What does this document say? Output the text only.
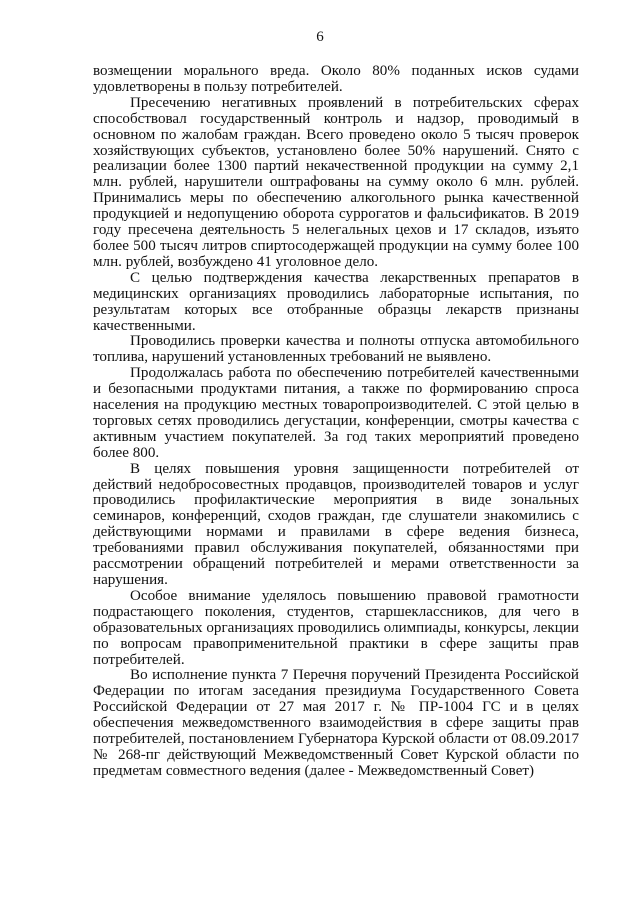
6

возмещении морального вреда. Около 80% поданных исков судами удовлетворены в пользу потребителей.

Пресечению негативных проявлений в потребительских сферах способствовал государственный контроль и надзор, проводимый в основном по жалобам граждан. Всего проведено около 5 тысяч проверок хозяйствующих субъектов, установлено более 50% нарушений. Снято с реализации более 1300 партий некачественной продукции на сумму 2,1 млн. рублей, нарушители оштрафованы на сумму около 6 млн. рублей. Принимались меры по обеспечению алкогольного рынка качественной продукцией и недопущению оборота суррогатов и фальсификатов. В 2019 году пресечена деятельность 5 нелегальных цехов и 17 складов, изъято более 500 тысяч литров спиртосодержащей продукции на сумму более 100 млн. рублей, возбуждено 41 уголовное дело.

С целью подтверждения качества лекарственных препаратов в медицинских организациях проводились лабораторные испытания, по результатам которых все отобранные образцы лекарств признаны качественными.

Проводились проверки качества и полноты отпуска автомобильного топлива, нарушений установленных требований не выявлено.

Продолжалась работа по обеспечению потребителей качественными и безопасными продуктами питания, а также по формированию спроса населения на продукцию местных товаропроизводителей. С этой целью в торговых сетях проводились дегустации, конференции, смотры качества с активным участием покупателей. За год таких мероприятий проведено более 800.

В целях повышения уровня защищенности потребителей от действий недобросовестных продавцов, производителей товаров и услуг проводились профилактические мероприятия в виде зональных семинаров, конференций, сходов граждан, где слушатели знакомились с действующими нормами и правилами в сфере ведения бизнеса, требованиями правил обслуживания покупателей, обязанностями при рассмотрении обращений потребителей и мерами ответственности за нарушения.

Особое внимание уделялось повышению правовой грамотности подрастающего поколения, студентов, старшеклассников, для чего в образовательных организациях проводились олимпиады, конкурсы, лекции по вопросам правоприменительной практики в сфере защиты прав потребителей.

Во исполнение пункта 7 Перечня поручений Президента Российской Федерации по итогам заседания президиума Государственного Совета Российской Федерации от 27 мая 2017 г. № ПР-1004 ГС и в целях обеспечения межведомственного взаимодействия в сфере защиты прав потребителей, постановлением Губернатора Курской области от 08.09.2017 № 268-пг действующий Межведомственный Совет Курской области по предметам совместного ведения (далее - Межведомственный Совет)
